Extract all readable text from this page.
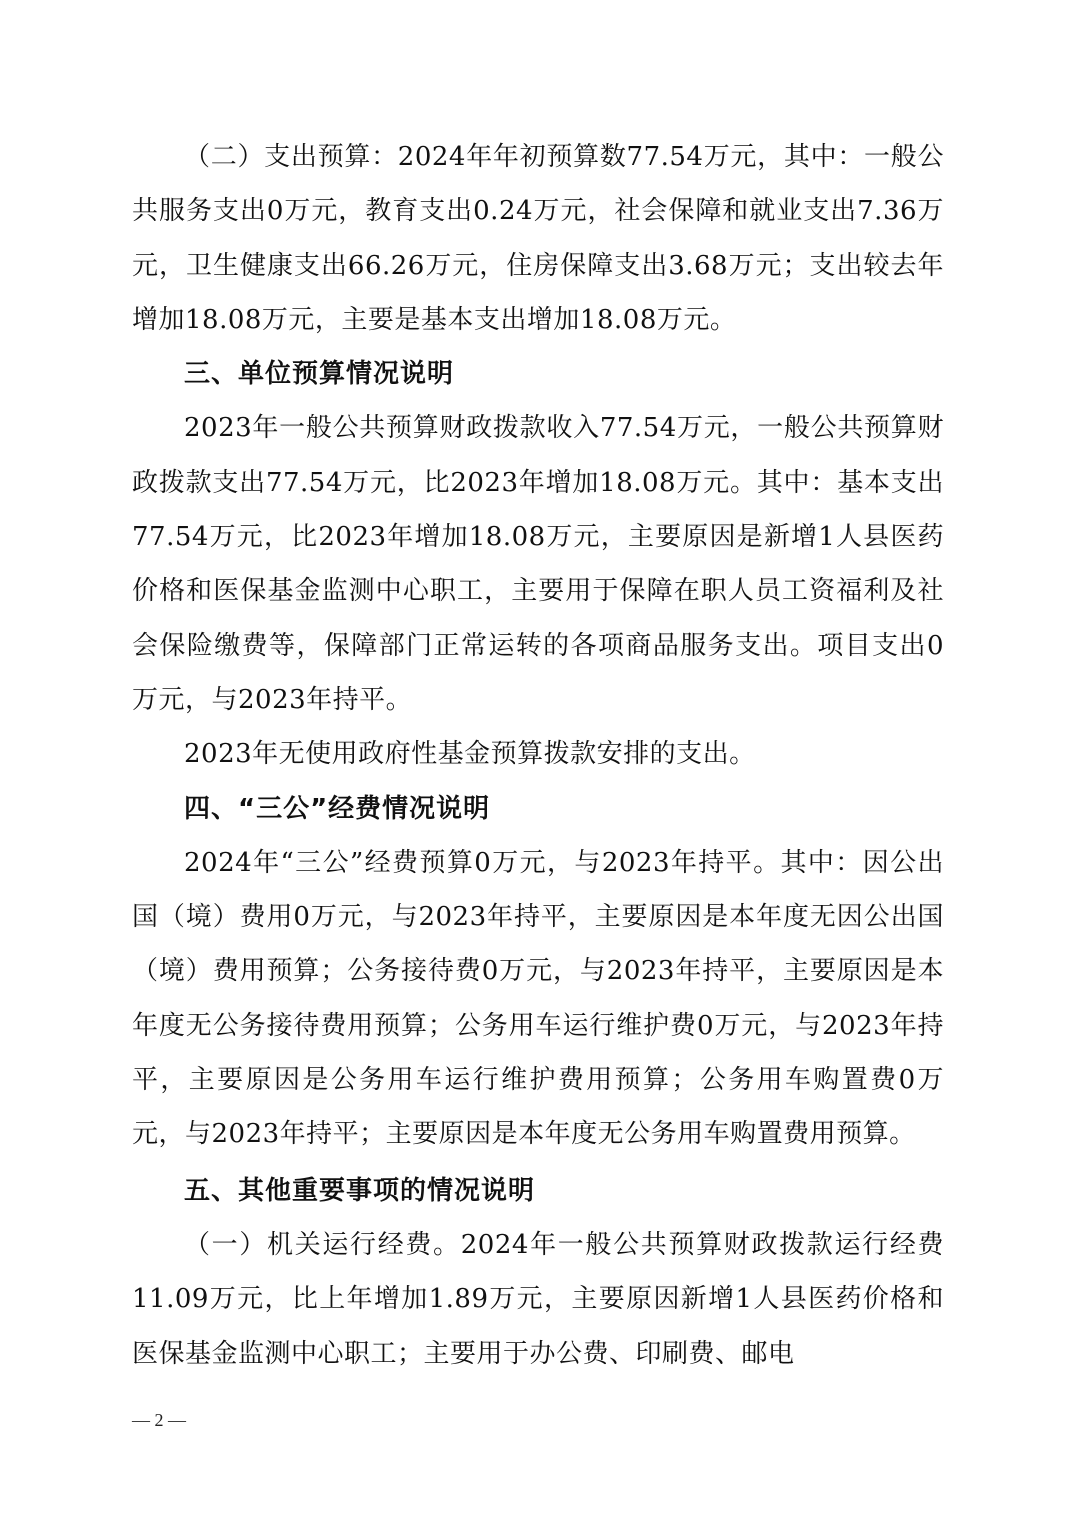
（二）支出预算：2024年年初预算数77.54万元，其中：一般公共服务支出0万元，教育支出0.24万元，社会保障和就业支出7.36万元，卫生健康支出66.26万元，住房保障支出3.68万元；支出较去年增加18.08万元，主要是基本支出增加18.08万元。

三、单位预算情况说明

2023年一般公共预算财政拨款收入77.54万元，一般公共预算财政拨款支出77.54万元，比2023年增加18.08万元。其中：基本支出77.54万元，比2023年增加18.08万元，主要原因是新增1人县医药价格和医保基金监测中心职工，主要用于保障在职人员工资福利及社会保险缴费等，保障部门正常运转的各项商品服务支出。项目支出0万元，与2023年持平。

2023年无使用政府性基金预算拨款安排的支出。

四、“三公”经费情况说明

2024年“三公”经费预算0万元，与2023年持平。其中：因公出国（境）费用0万元，与2023年持平，主要原因是本年度无因公出国（境）费用预算；公务接待费0万元，与2023年持平，主要原因是本年度无公务接待费用预算；公务用车运行维护费0万元，与2023年持平，主要原因是公务用车运行维护费用预算；公务用车购置费0万元，与2023年持平；主要原因是本年度无公务用车购置费用预算。

五、其他重要事项的情况说明

（一）机关运行经费。2024年一般公共预算财政拨款运行经费11.09万元，比上年增加1.89万元，主要原因新增1人县医药价格和医保基金监测中心职工；主要用于办公费、印刷费、邮电

— 2 —
